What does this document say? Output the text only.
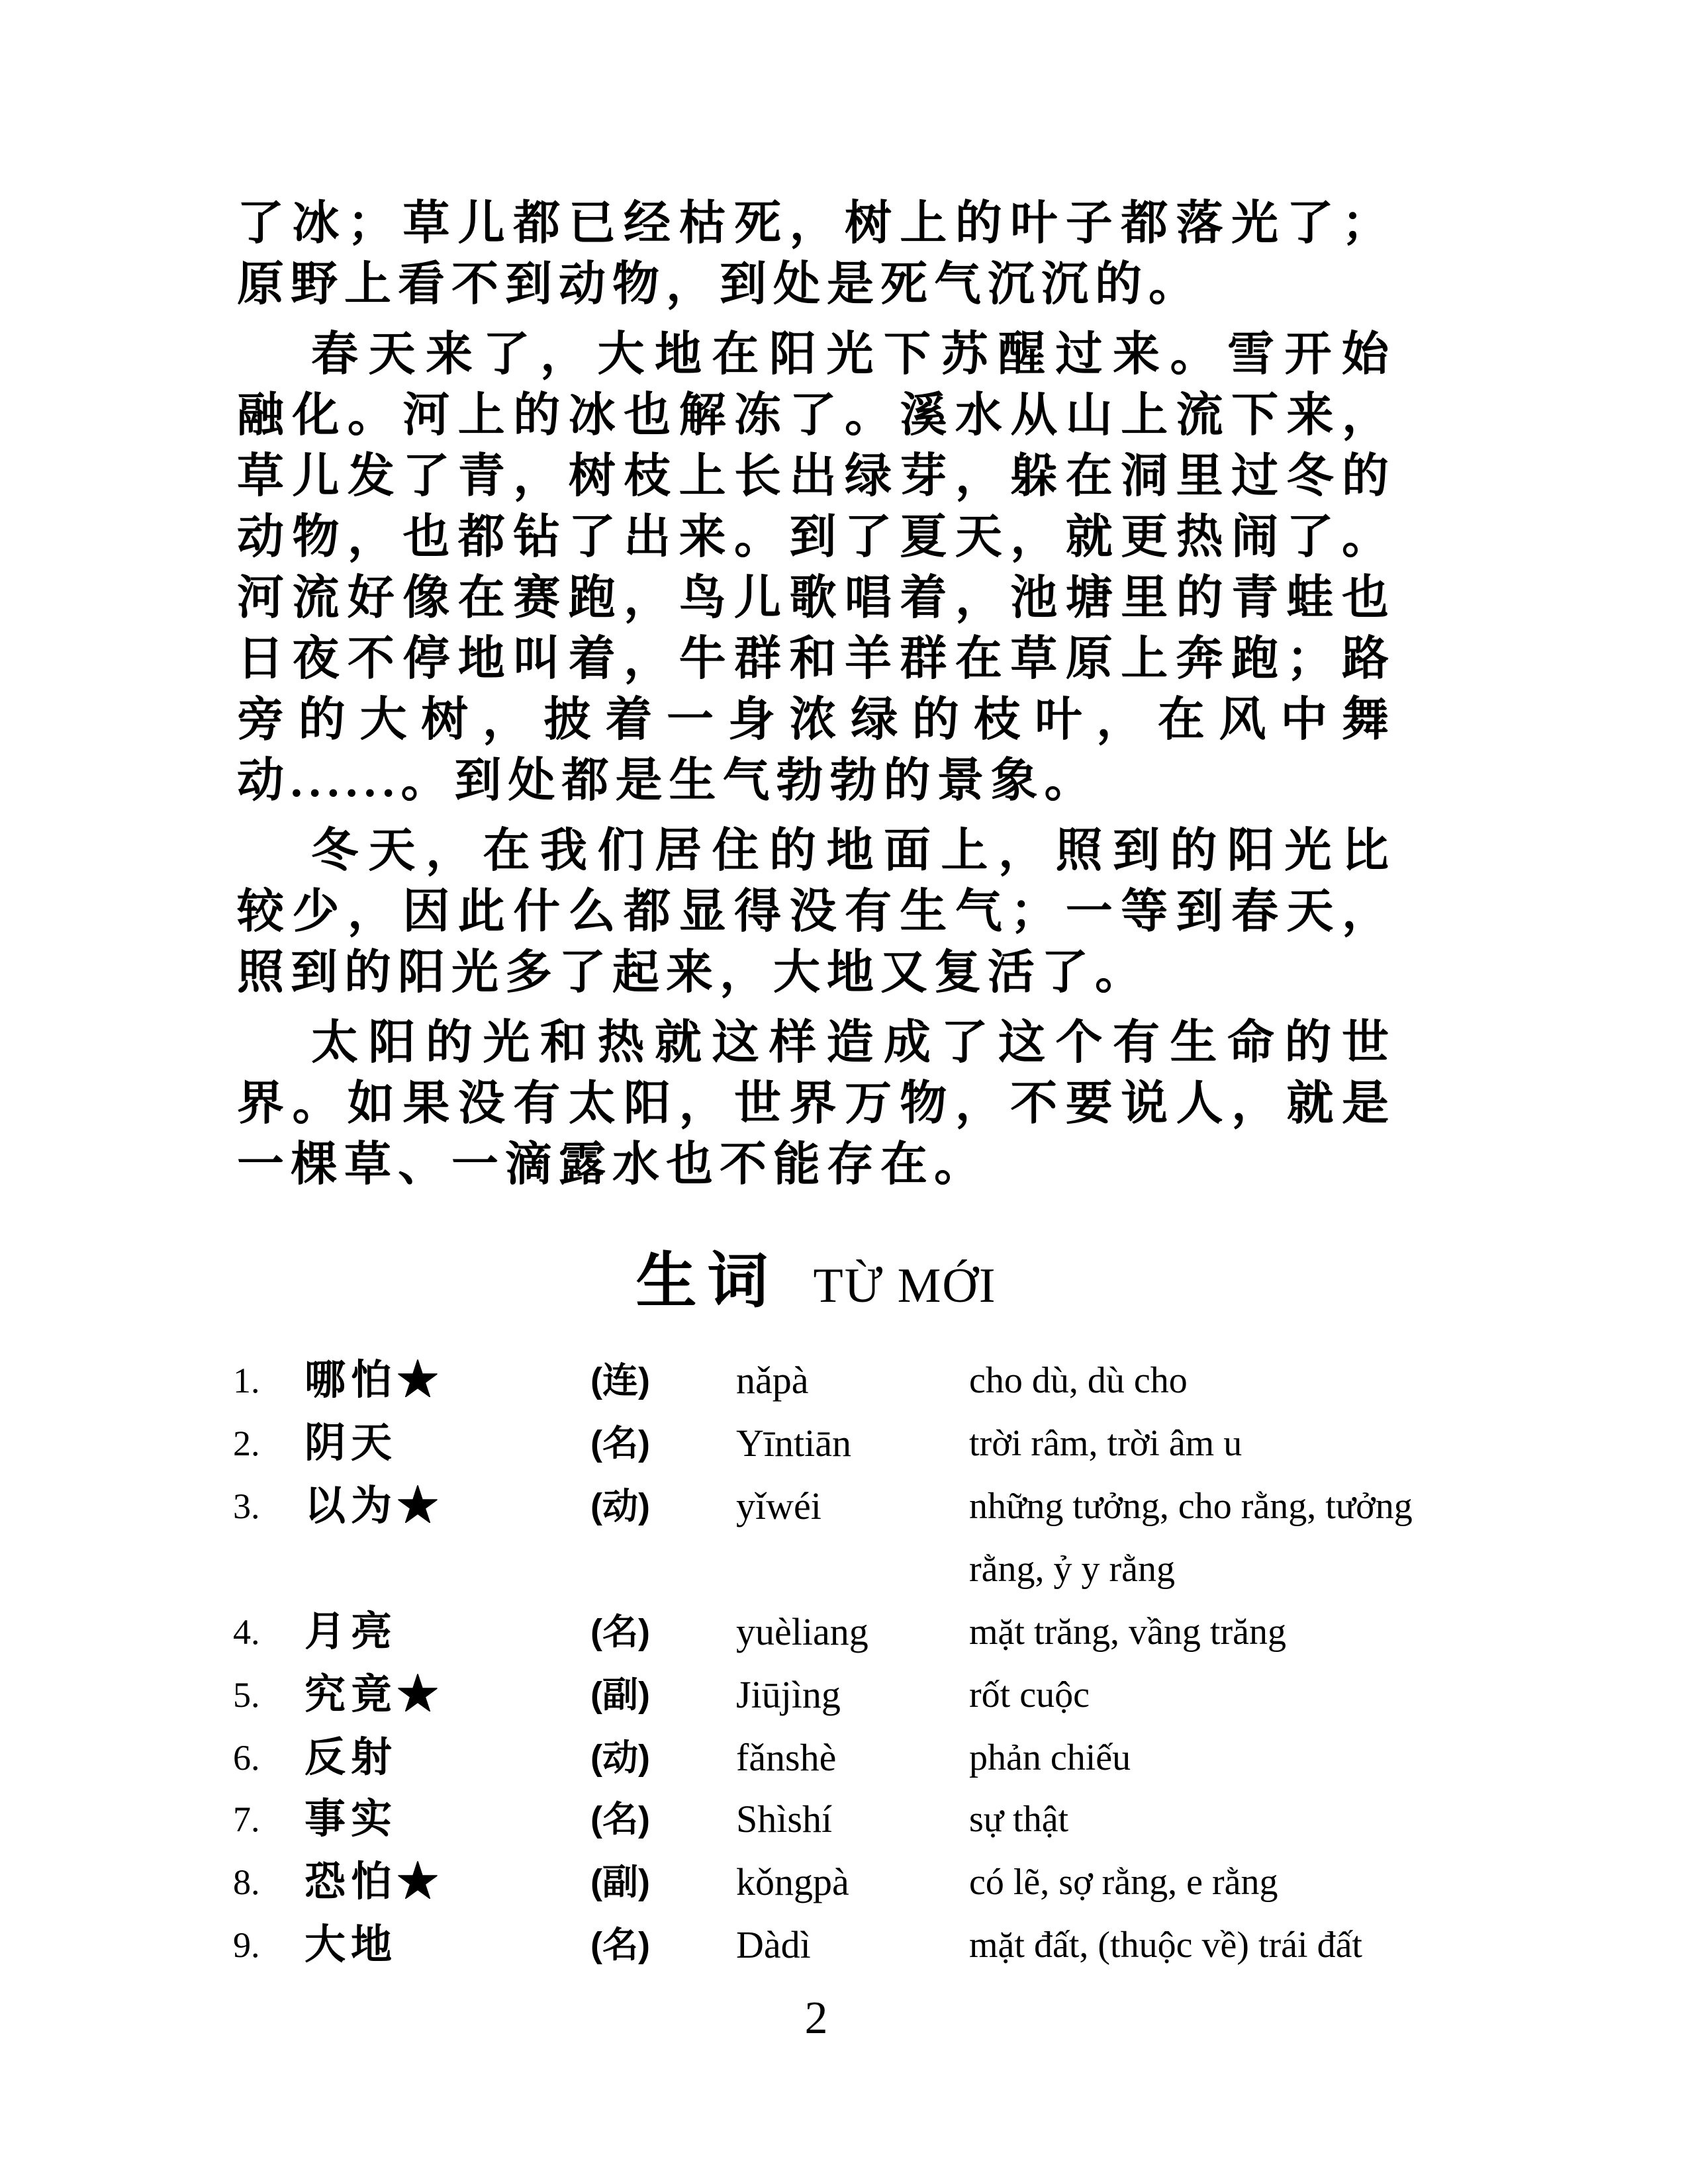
了冰；草儿都已经枯死，树上的叶子都落光了；
原野上看不到动物，到处是死气沉沉的。
春天来了，大地在阳光下苏醒过来。雪开始
融化。河上的冰也解冻了。溪水从山上流下来，
草儿发了青，树枝上长出绿芽，躲在洞里过冬的
动物，也都钻了出来。到了夏天，就更热闹了。
河流好像在赛跑，鸟儿歌唱着，池塘里的青蛙也
日夜不停地叫着，牛群和羊群在草原上奔跑；路
旁的大树，披着一身浓绿的枝叶，在风中舞
动......。到处都是生气勃勃的景象。
冬天，在我们居住的地面上，照到的阳光比
较少，因此什么都显得没有生气；一等到春天，
照到的阳光多了起来，大地又复活了。
太阳的光和热就这样造成了这个有生命的世
界。如果没有太阳，世界万物，不要说人，就是
一棵草、一滴露水也不能存在。
生词 TỪ MỚI
1. 哪怕★	(连) nǎpà	cho dù, dù cho
2. 阴天	(名) Yīntiān	trời râm, trời âm u
3. 以为★	(动) yǐwéi	những tưởng, cho rằng, tưởng
rằng, ỷ y rằng
4. 月亮	(名) yuèliang	mặt trăng, vầng trăng
5. 究竟★	(副) Jiūjìng	rốt cuộc
6. 反射	(动) fǎnshè	phản chiếu
7. 事实	(名) Shìshí	sự thật
8. 恐怕★	(副) kǒngpà	có lẽ, sợ rằng, e rằng
9. 大地	(名) Dàdì	mặt đất, (thuộc về) trái đất
2
